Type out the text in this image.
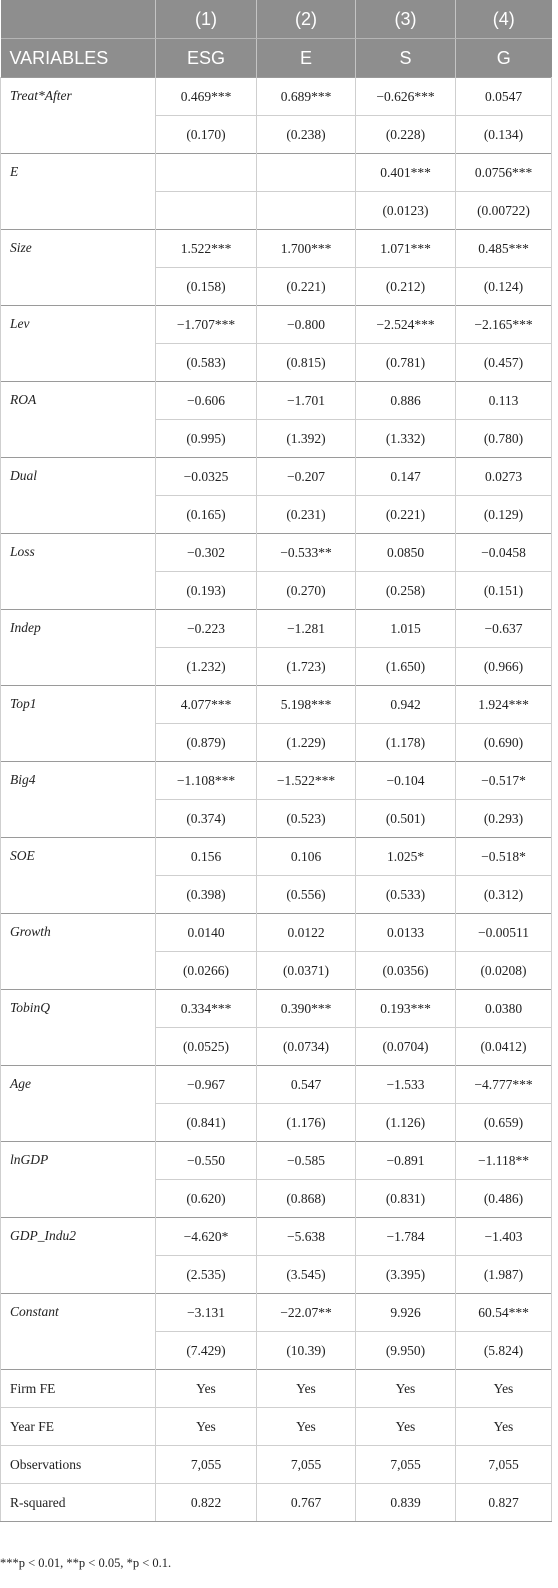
	(1)	(2)	(3)	(4)
VARIABLES	ESG	E	S	G
Treat*After	0.469***	0.689***	−0.626***	0.0547
	(0.170)	(0.238)	(0.228)	(0.134)
E			0.401***	0.0756***
			(0.0123)	(0.00722)
Size	1.522***	1.700***	1.071***	0.485***
	(0.158)	(0.221)	(0.212)	(0.124)
Lev	−1.707***	−0.800	−2.524***	−2.165***
	(0.583)	(0.815)	(0.781)	(0.457)
ROA	−0.606	−1.701	0.886	0.113
	(0.995)	(1.392)	(1.332)	(0.780)
Dual	−0.0325	−0.207	0.147	0.0273
	(0.165)	(0.231)	(0.221)	(0.129)
Loss	−0.302	−0.533**	0.0850	−0.0458
	(0.193)	(0.270)	(0.258)	(0.151)
Indep	−0.223	−1.281	1.015	−0.637
	(1.232)	(1.723)	(1.650)	(0.966)
Top1	4.077***	5.198***	0.942	1.924***
	(0.879)	(1.229)	(1.178)	(0.690)
Big4	−1.108***	−1.522***	−0.104	−0.517*
	(0.374)	(0.523)	(0.501)	(0.293)
SOE	0.156	0.106	1.025*	−0.518*
	(0.398)	(0.556)	(0.533)	(0.312)
Growth	0.0140	0.0122	0.0133	−0.00511
	(0.0266)	(0.0371)	(0.0356)	(0.0208)
TobinQ	0.334***	0.390***	0.193***	0.0380
	(0.0525)	(0.0734)	(0.0704)	(0.0412)
Age	−0.967	0.547	−1.533	−4.777***
	(0.841)	(1.176)	(1.126)	(0.659)
lnGDP	−0.550	−0.585	−0.891	−1.118**
	(0.620)	(0.868)	(0.831)	(0.486)
GDP_Indu2	−4.620*	−5.638	−1.784	−1.403
	(2.535)	(3.545)	(3.395)	(1.987)
Constant	−3.131	−22.07**	9.926	60.54***
	(7.429)	(10.39)	(9.950)	(5.824)
Firm FE	Yes	Yes	Yes	Yes
Year FE	Yes	Yes	Yes	Yes
Observations	7,055	7,055	7,055	7,055
R-squared	0.822	0.767	0.839	0.827
***p < 0.01, **p < 0.05, *p < 0.1.
